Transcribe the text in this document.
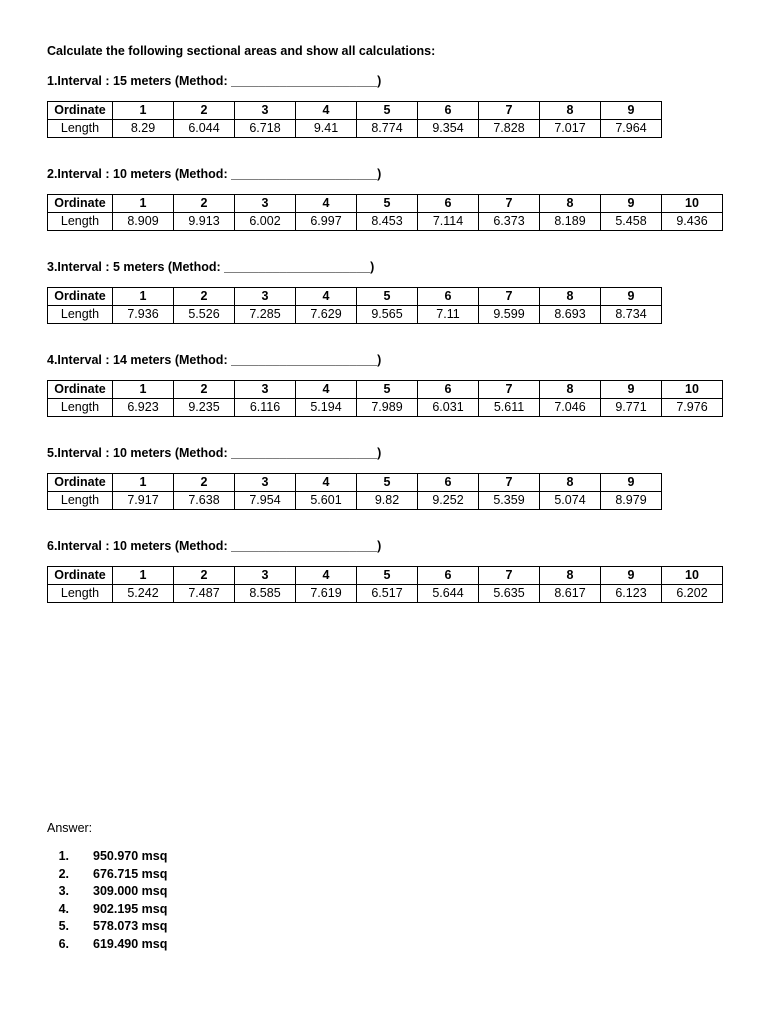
Calculate the following sectional areas and show all calculations:
1.Interval : 15 meters (Method: _____________________)
Ordinate	1	2	3	4	5	6	7	8	9
Length	8.29	6.044	6.718	9.41	8.774	9.354	7.828	7.017	7.964
2.Interval : 10 meters (Method: _____________________)
Ordinate	1	2	3	4	5	6	7	8	9	10
Length	8.909	9.913	6.002	6.997	8.453	7.114	6.373	8.189	5.458	9.436
3.Interval : 5 meters (Method: _____________________)
Ordinate	1	2	3	4	5	6	7	8	9
Length	7.936	5.526	7.285	7.629	9.565	7.11	9.599	8.693	8.734
4.Interval : 14 meters (Method: _____________________)
Ordinate	1	2	3	4	5	6	7	8	9	10
Length	6.923	9.235	6.116	5.194	7.989	6.031	5.611	7.046	9.771	7.976
5.Interval : 10 meters (Method: _____________________)
Ordinate	1	2	3	4	5	6	7	8	9
Length	7.917	7.638	7.954	5.601	9.82	9.252	5.359	5.074	8.979
6.Interval : 10 meters (Method: _____________________)
Ordinate	1	2	3	4	5	6	7	8	9	10
Length	5.242	7.487	8.585	7.619	6.517	5.644	5.635	8.617	6.123	6.202
Answer:
1. 950.970 msq
2. 676.715 msq
3. 309.000 msq
4. 902.195 msq
5. 578.073 msq
6. 619.490 msq
